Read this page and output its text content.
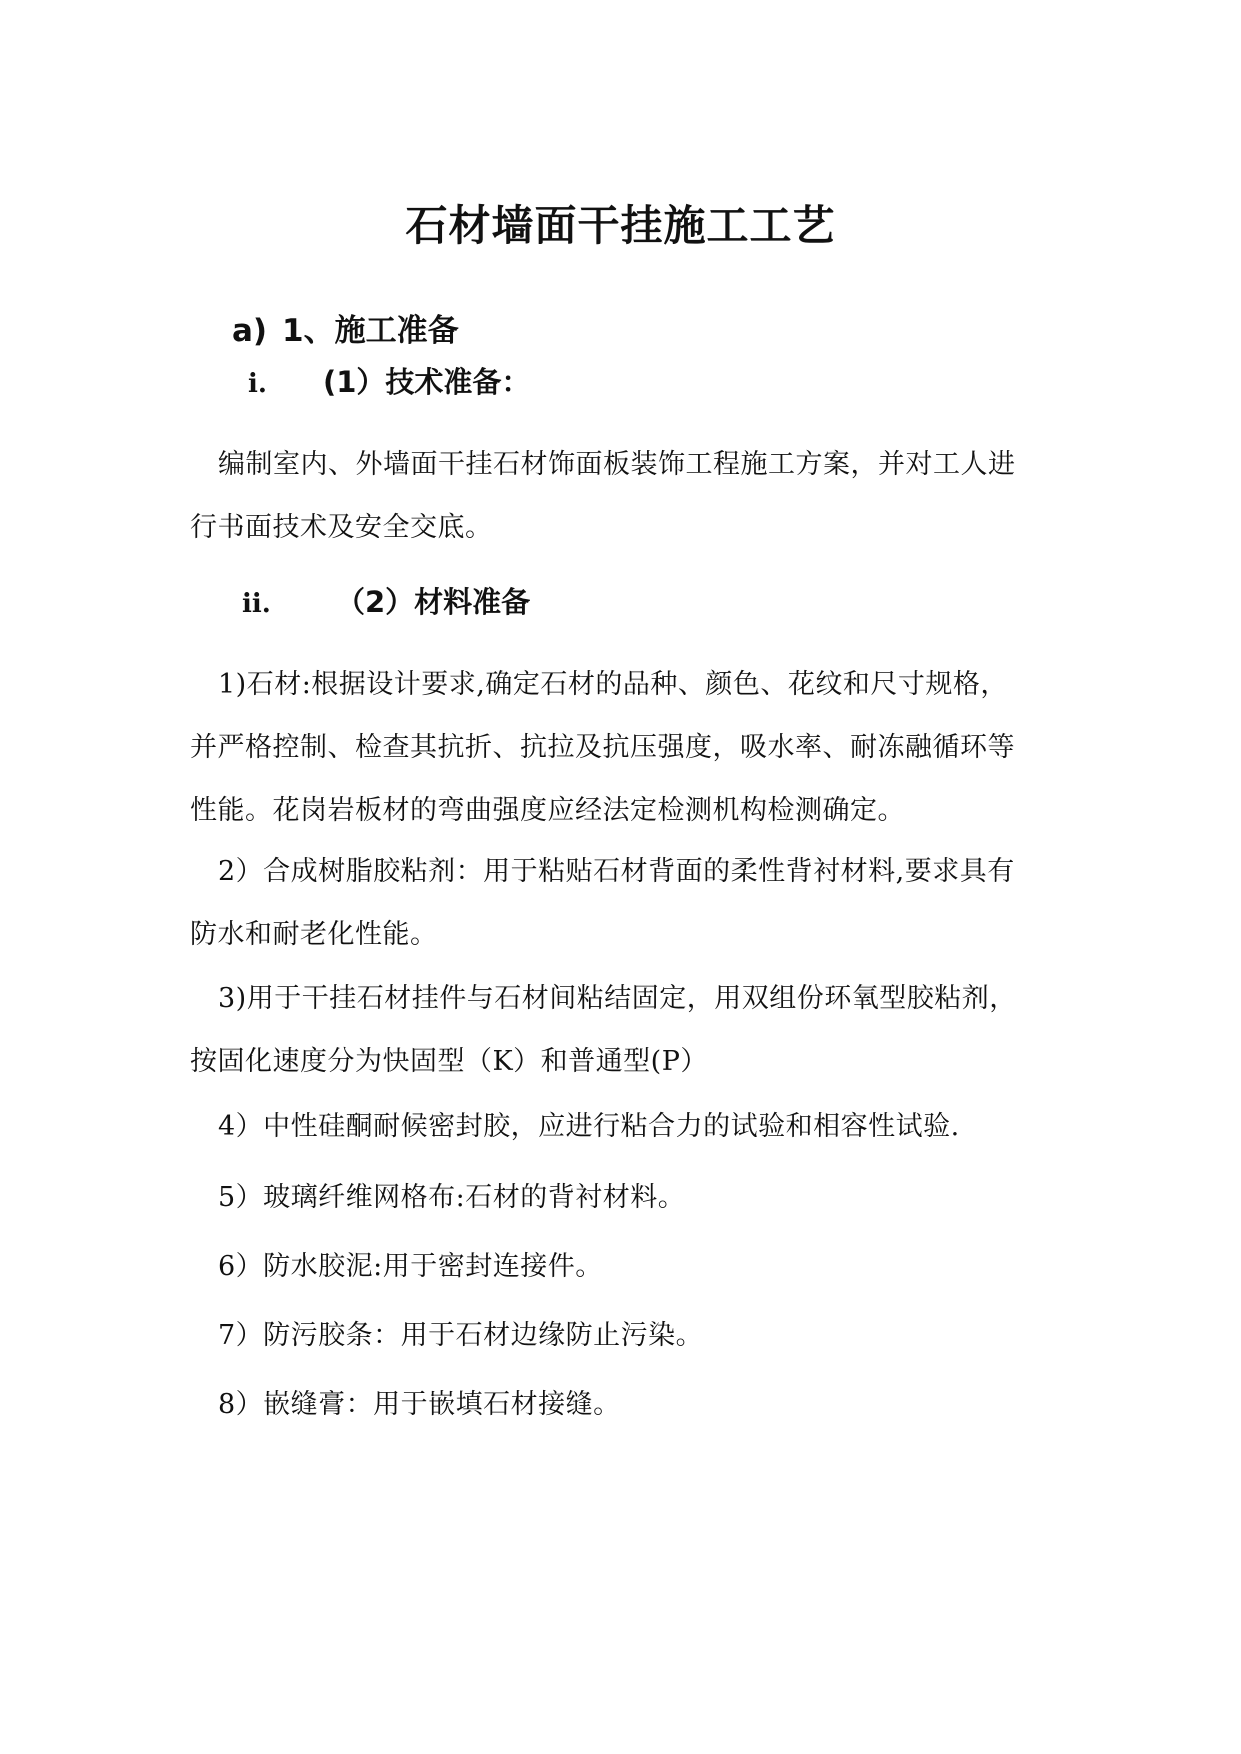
石材墙面干挂施工工艺
a) 1、施工准备
i. (1）技术准备：
编制室内、外墙面干挂石材饰面板装饰工程施工方案，并对工人进
行书面技术及安全交底。
ii. （2）材料准备
1)石材:根据设计要求,确定石材的品种、颜色、花纹和尺寸规格，
并严格控制、检查其抗折、抗拉及抗压强度，吸水率、耐冻融循环等
性能。花岗岩板材的弯曲强度应经法定检测机构检测确定。
2）合成树脂胶粘剂：用于粘贴石材背面的柔性背衬材料,要求具有
防水和耐老化性能。
3)用于干挂石材挂件与石材间粘结固定，用双组份环氧型胶粘剂，
按固化速度分为快固型（K）和普通型(P）
4）中性硅酮耐候密封胶，应进行粘合力的试验和相容性试验.
5）玻璃纤维网格布:石材的背衬材料。
6）防水胶泥:用于密封连接件。
7）防污胶条：用于石材边缘防止污染。
8）嵌缝膏：用于嵌填石材接缝。
